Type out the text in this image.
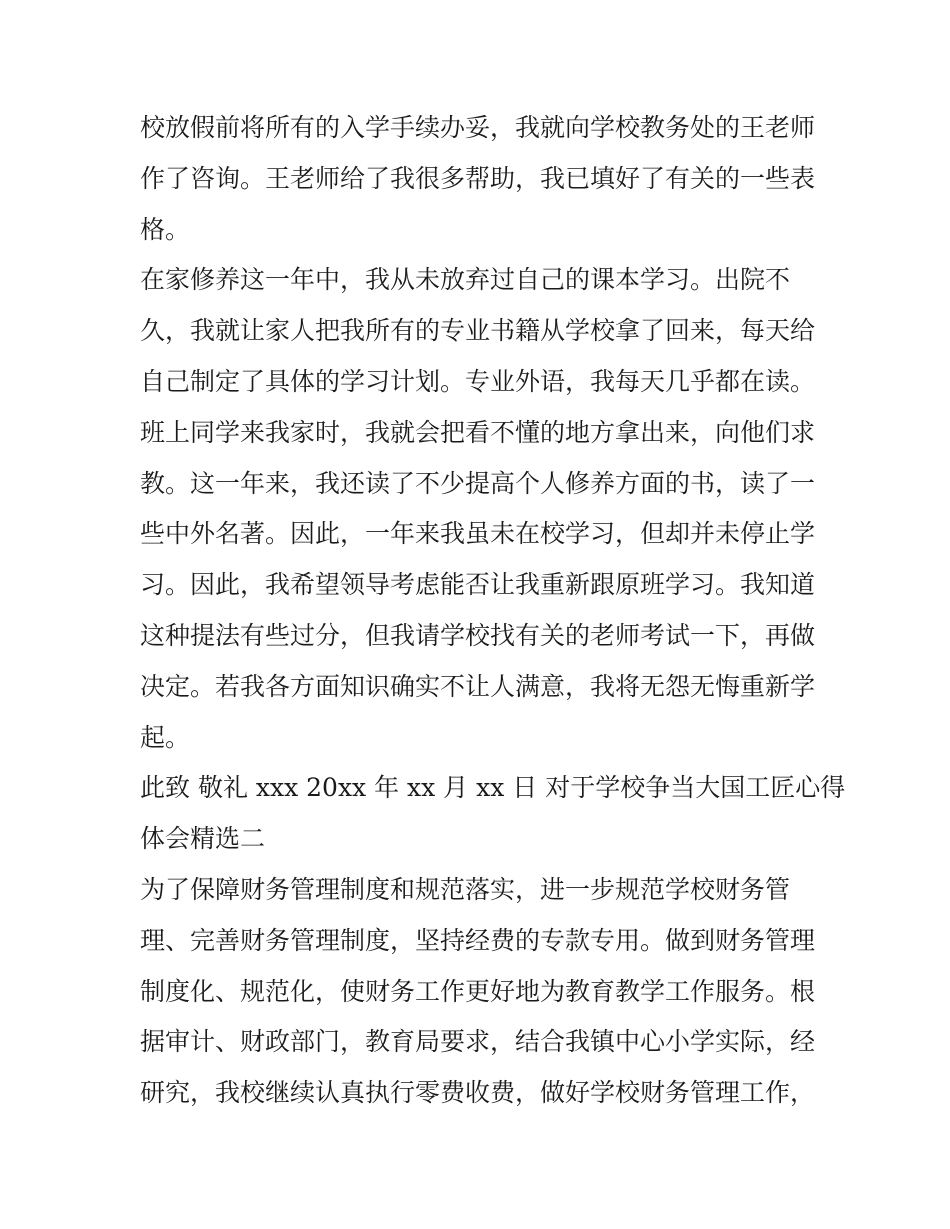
校放假前将所有的入学手续办妥，我就向学校教务处的王老师
作了咨询。王老师给了我很多帮助，我已填好了有关的一些表
格。
在家修养这一年中，我从未放弃过自己的课本学习。出院不
久，我就让家人把我所有的专业书籍从学校拿了回来，每天给
自己制定了具体的学习计划。专业外语，我每天几乎都在读。
班上同学来我家时，我就会把看不懂的地方拿出来，向他们求
教。这一年来，我还读了不少提高个人修养方面的书，读了一
些中外名著。因此，一年来我虽未在校学习，但却并未停止学
习。因此，我希望领导考虑能否让我重新跟原班学习。我知道
这种提法有些过分，但我请学校找有关的老师考试一下，再做
决定。若我各方面知识确实不让人满意，我将无怨无悔重新学
起。
此致 敬礼 xxx 20xx 年 xx 月 xx 日 对于学校争当大国工匠心得
体会精选二
为了保障财务管理制度和规范落实，进一步规范学校财务管
理、完善财务管理制度，坚持经费的专款专用。做到财务管理
制度化、规范化，使财务工作更好地为教育教学工作服务。根
据审计、财政部门，教育局要求，结合我镇中心小学实际，经
研究，我校继续认真执行零费收费，做好学校财务管理工作，
